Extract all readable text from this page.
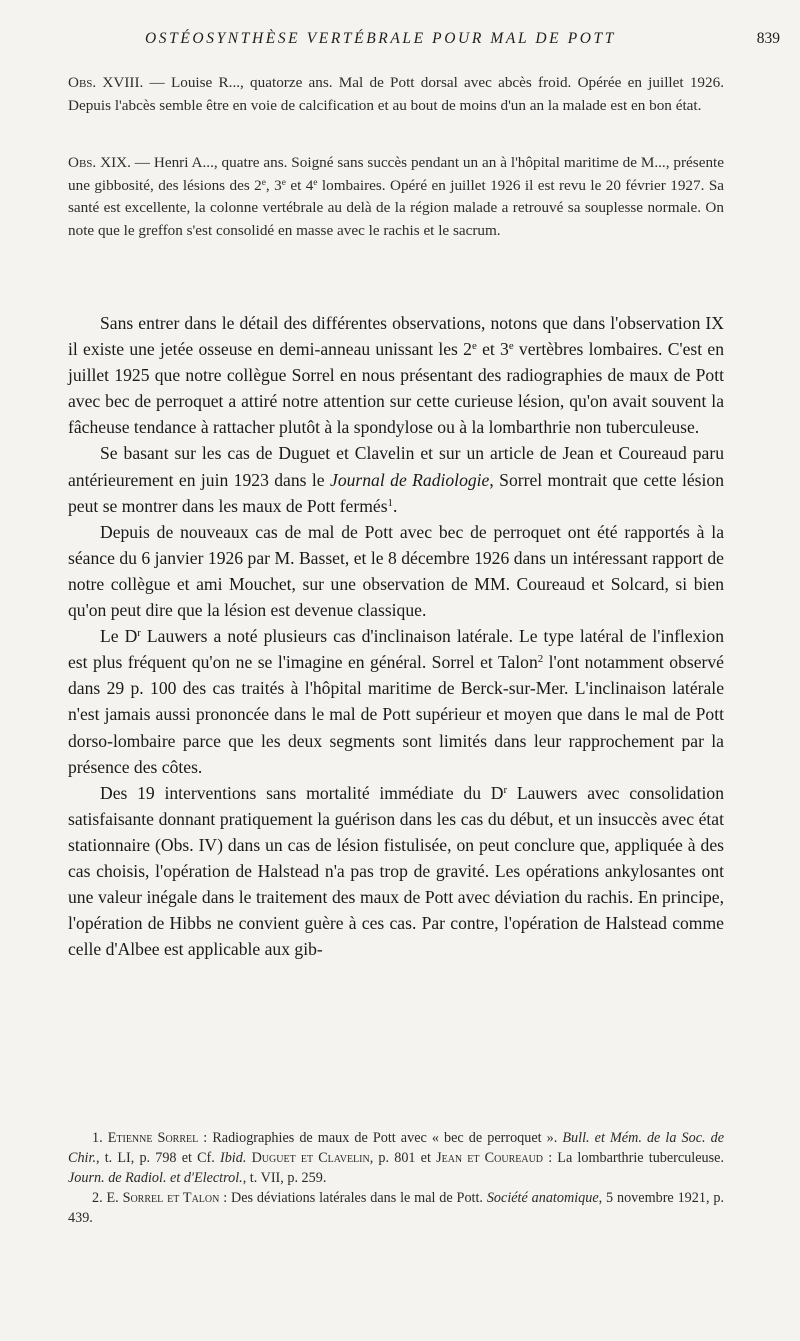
OSTÉOSYNTHÈSE VERTÉBRALE POUR MAL DE POTT	839

Obs. XVIII. — Louise R..., quatorze ans. Mal de Pott dorsal avec abcès froid. Opérée en juillet 1926. Depuis l'abcès semble être en voie de calcification et au bout de moins d'un an la malade est en bon état.

Obs. XIX. — Henri A..., quatre ans. Soigné sans succès pendant un an à l'hôpital maritime de M..., présente une gibbosité, des lésions des 2e, 3e et 4e lombaires. Opéré en juillet 1926 il est revu le 20 février 1927. Sa santé est excellente, la colonne vertébrale au delà de la région malade a retrouvé sa souplesse normale. On note que le greffon s'est consolidé en masse avec le rachis et le sacrum.

Sans entrer dans le détail des différentes observations, notons que dans l'observation IX il existe une jetée osseuse en demi-anneau unissant les 2e et 3e vertèbres lombaires. C'est en juillet 1925 que notre collègue Sorrel en nous présentant des radiographies de maux de Pott avec bec de perroquet a attiré notre attention sur cette curieuse lésion, qu'on avait souvent la fâcheuse tendance à rattacher plutôt à la spondylose ou à la lombarthrie non tuberculeuse.

Se basant sur les cas de Duguet et Clavelin et sur un article de Jean et Coureaud paru antérieurement en juin 1923 dans le Journal de Radiologie, Sorrel montrait que cette lésion peut se montrer dans les maux de Pott fermés$^1$.

Depuis de nouveaux cas de mal de Pott avec bec de perroquet ont été rapportés à la séance du 6 janvier 1926 par M. Basset, et le 8 décembre 1926 dans un intéressant rapport de notre collègue et ami Mouchet, sur une observation de MM. Coureaud et Solcard, si bien qu'on peut dire que la lésion est devenue classique.

Le $D^r$ Lauwers a noté plusieurs cas d'inclinaison latérale. Le type latéral de l'inflexion est plus fréquent qu'on ne se l'imagine en général. Sorrel et Talon$^2$ l'ont notamment observé dans 29 p. 100 des cas traités à l'hôpital maritime de Berck-sur-Mer. L'inclinaison latérale n'est jamais aussi prononcée dans le mal de Pott supérieur et moyen que dans le mal de Pott dorso-lombaire parce que les deux segments sont limités dans leur rapprochement par la présence des côtes.

Des 19 interventions sans mortalité immédiate du $D^r$ Lauwers avec consolidation satisfaisante donnant pratiquement la guérison dans les cas du début, et un insuccès avec état stationnaire (Obs. IV) dans un cas de lésion fistulisée, on peut conclure que, appliquée à des cas choisis, l'opération de Halstead n'a pas trop de gravité. Les opérations ankylosantes ont une valeur inégale dans le traitement des maux de Pott avec déviation du rachis. En principe, l'opération de Hibbs ne convient guère à ces cas. Par contre, l'opération de Halstead comme celle d'Albee est applicable aux gib-

1. Etienne Sorrel : Radiographies de maux de Pott avec « bec de perroquet ». Bull. et Mém. de la Soc. de Chir., t. LI, p. 798 et Cf. Ibid. Duguet et Clavelin, p. 801 et Jean et Coureaud : La lombarthrie tuberculeuse. Journ. de Radiol. et d'Electrol., t. VII, p. 259.

2. E. Sorrel et Talon : Des déviations latérales dans le mal de Pott. Société anatomique, 5 novembre 1921, p. 439.
